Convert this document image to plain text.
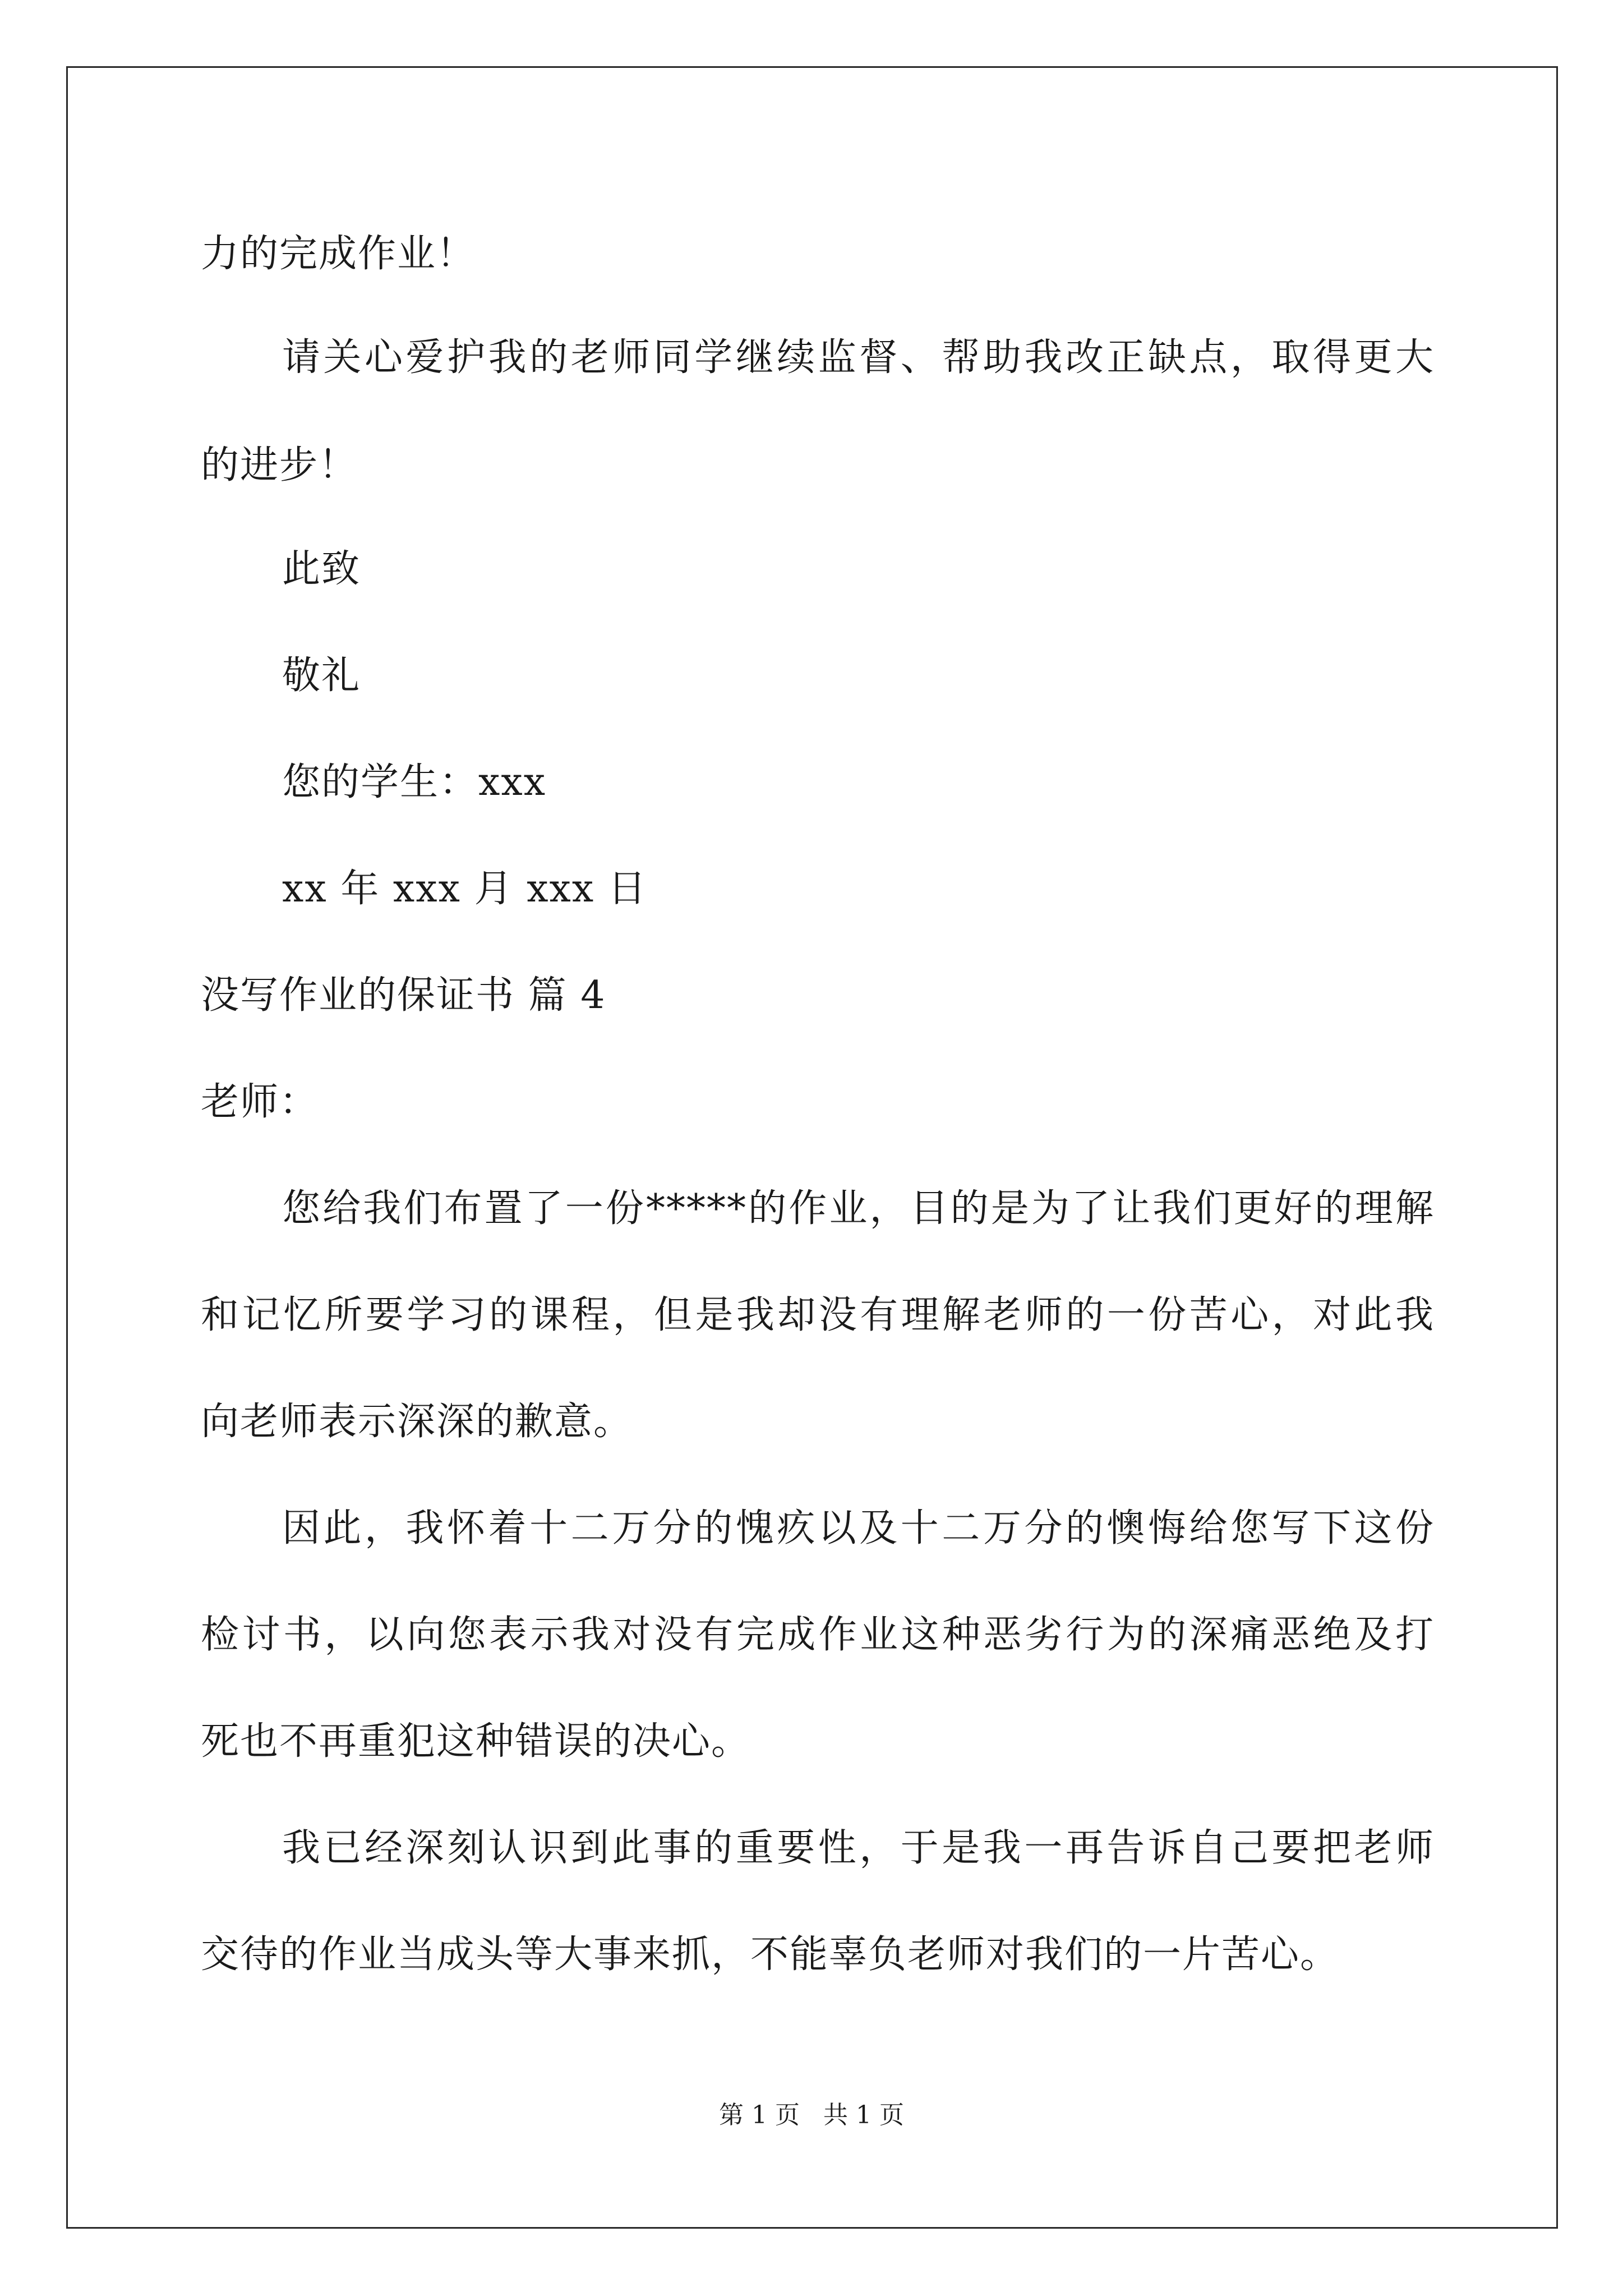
力的完成作业！
请关心爱护我的老师同学继续监督、帮助我改正缺点，取得更大
的进步！
此致
敬礼
您的学生：xxx
xx 年 xxx 月 xxx 日
没写作业的保证书 篇 4
老师：
您给我们布置了一份*****的作业，目的是为了让我们更好的理解
和记忆所要学习的课程，但是我却没有理解老师的一份苦心，对此我
向老师表示深深的歉意。
因此，我怀着十二万分的愧疚以及十二万分的懊悔给您写下这份
检讨书，以向您表示我对没有完成作业这种恶劣行为的深痛恶绝及打
死也不再重犯这种错误的决心。
我已经深刻认识到此事的重要性，于是我一再告诉自己要把老师
交待的作业当成头等大事来抓，不能辜负老师对我们的一片苦心。
第 1 页   共 1 页
